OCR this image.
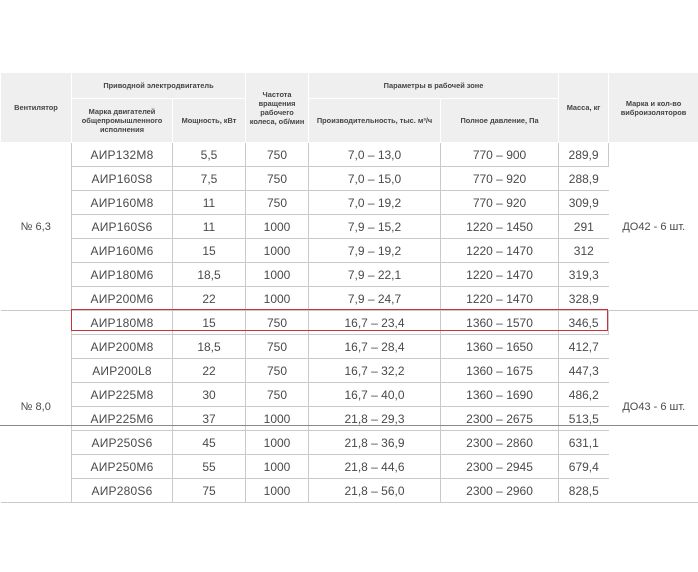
Вентилятор	Приводной электродвигатель		Частота вращения рабочего колеса, об/мин	Параметры в рабочей зоне		Масса, кг	Марка и кол-во виброизоляторов
	Марка двигателей общепромышленного исполнения	Мощность, кВт		Производительность, тыс. м³/ч	Полное давление, Па		
№ 6,3	АИР132М8	5,5	750	7,0 – 13,0	770 – 900	289,9	ДО42 - 6 шт.
	АИР160S8	7,5	750	7,0 – 15,0	770 – 920	288,9	
	АИР160М8	11	750	7,0 – 19,2	770 – 920	309,9	
	АИР160S6	11	1000	7,9 – 15,2	1220 – 1450	291	
	АИР160М6	15	1000	7,9 – 19,2	1220 – 1470	312	
	АИР180М6	18,5	1000	7,9 – 22,1	1220 – 1470	319,3	
	АИР200М6	22	1000	7,9 – 24,7	1220 – 1470	328,9	
№ 8,0	АИР180М8	15	750	16,7 – 23,4	1360 – 1570	346,5	ДО43 - 6 шт.
	АИР200М8	18,5	750	16,7 – 28,4	1360 – 1650	412,7	
	АИР200L8	22	750	16,7 – 32,2	1360 – 1675	447,3	
	АИР225М8	30	750	16,7 – 40,0	1360 – 1690	486,2	
	АИР225М6	37	1000	21,8 – 29,3	2300 – 2675	513,5	
	АИР250S6	45	1000	21,8 – 36,9	2300 – 2860	631,1	
	АИР250М6	55	1000	21,8 – 44,6	2300 – 2945	679,4	
	АИР280S6	75	1000	21,8 – 56,0	2300 – 2960	828,5	
